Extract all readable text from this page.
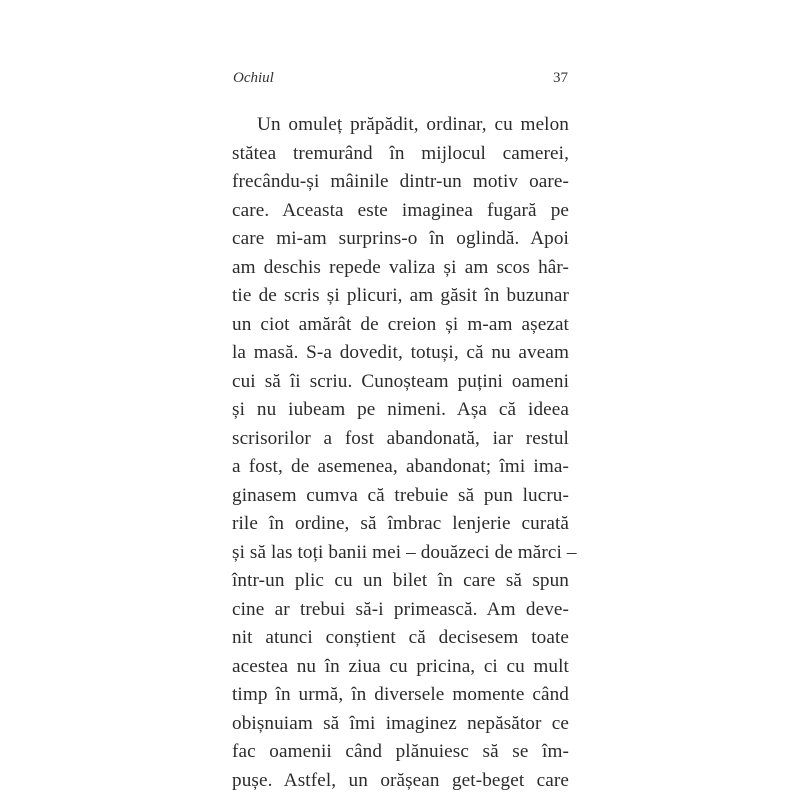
Ochiul	37
Un omuleț prăpădit, ordinar, cu melon
stătea tremurând în mijlocul camerei,
frecându-și mâinile dintr-un motiv oare-
care. Aceasta este imaginea fugară pe
care mi-am surprins-o în oglindă. Apoi
am deschis repede valiza și am scos hâr-
tie de scris și plicuri, am găsit în buzunar
un ciot amărât de creion și m-am așezat
la masă. S-a dovedit, totuși, că nu aveam
cui să îi scriu. Cunoșteam puțini oameni
și nu iubeam pe nimeni. Așa că ideea
scrisorilor a fost abandonată, iar restul
a fost, de asemenea, abandonat; îmi ima-
ginasem cumva că trebuie să pun lucru-
rile în ordine, să îmbrac lenjerie curată
și să las toți banii mei – douăzeci de mărci –
într-un plic cu un bilet în care să spun
cine ar trebui să-i primească. Am deve-
nit atunci conștient că decisesem toate
acestea nu în ziua cu pricina, ci cu mult
timp în urmă, în diversele momente când
obișnuiam să îmi imaginez nepăsător ce
fac oamenii când plănuiesc să se îm-
pușe. Astfel, un orășean get-beget care
